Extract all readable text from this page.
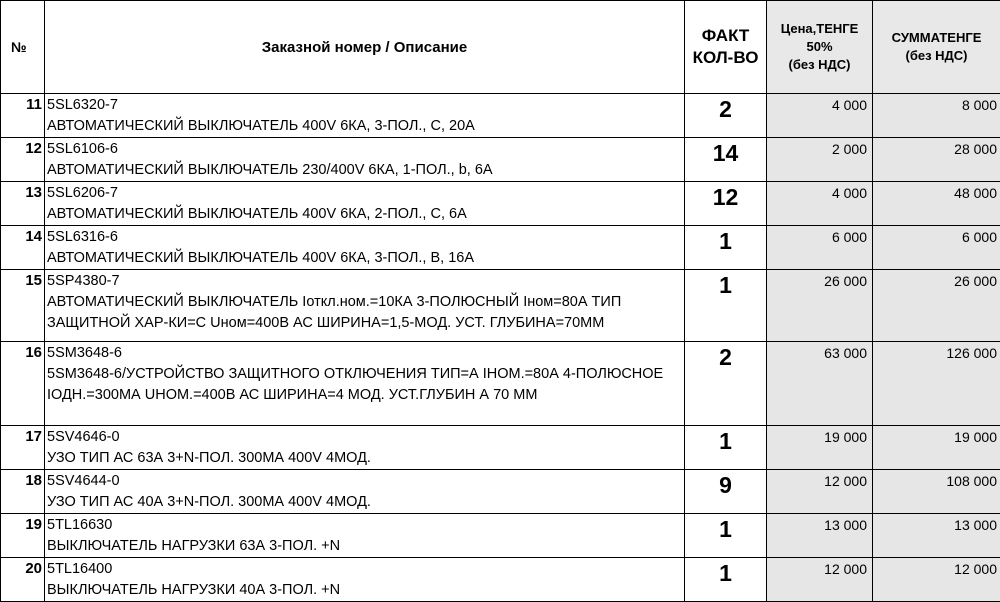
№	Заказной номер / Описание	ФАКТ
КОЛ-ВО	Цена,ТЕНГЕ
50%
(без НДС)	СУММАТЕНГЕ
(без НДС)

11	5SL6320-7
АВТОМАТИЧЕСКИЙ ВЫКЛЮЧАТЕЛЬ 400V 6КА, 3-ПОЛ., С, 20А	2	4 000	8 000
12	5SL6106-6
АВТОМАТИЧЕСКИЙ ВЫКЛЮЧАТЕЛЬ 230/400V 6КА, 1-ПОЛ., b, 6A	14	2 000	28 000
13	5SL6206-7
АВТОМАТИЧЕСКИЙ ВЫКЛЮЧАТЕЛЬ 400V 6КА, 2-ПОЛ., С, 6А	12	4 000	48 000
14	5SL6316-6
АВТОМАТИЧЕСКИЙ ВЫКЛЮЧАТЕЛЬ 400V 6КА, 3-ПОЛ., В, 16А	1	6 000	6 000
15	5SP4380-7
АВТОМАТИЧЕСКИЙ ВЫКЛЮЧАТЕЛЬ Iоткл.ном.=10КА 3-ПОЛЮСНЫЙ Iном=80А ТИП ЗАЩИТНОЙ ХАР-КИ=С Uном=400В АС ШИРИНА=1,5-МОД. УСТ. ГЛУБИНА=70ММ	1	26 000	26 000
16	5SM3648-6
5SM3648-6/УСТРОЙСТВО ЗАЩИТНОГО ОТКЛЮЧЕНИЯ ТИП=А IНОМ.=80А 4-ПОЛЮСНОЕ IОДН.=300МА UНОМ.=400В АС ШИРИНА=4 МОД. УСТ.ГЛУБИН А 70 ММ	2	63 000	126 000
17	5SV4646-0
УЗО ТИП АС 63А 3+N-ПОЛ. 300МА 400V 4МОД.	1	19 000	19 000
18	5SV4644-0
УЗО ТИП АС 40А 3+N-ПОЛ. 300МА 400V 4МОД.	9	12 000	108 000
19	5TL16630
ВЫКЛЮЧАТЕЛЬ НАГРУЗКИ 63А 3-ПОЛ. +N	1	13 000	13 000
20	5TL16400
ВЫКЛЮЧАТЕЛЬ НАГРУЗКИ 40А 3-ПОЛ. +N	1	12 000	12 000
